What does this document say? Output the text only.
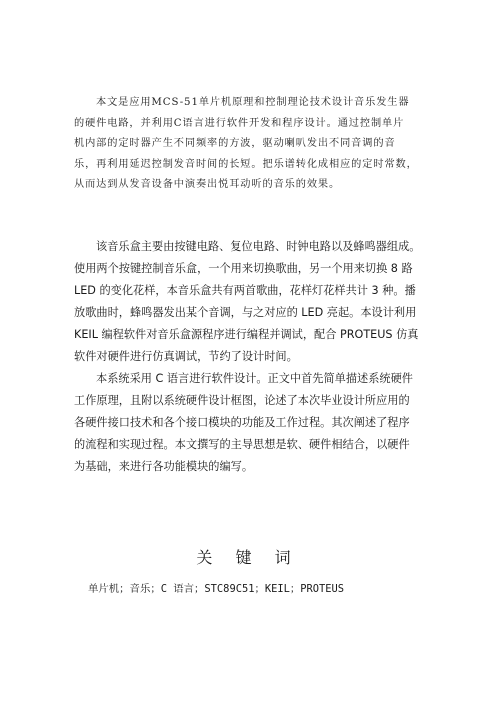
本文是应用MCS-51单片机原理和控制理论技术设计音乐发生器
的硬件电路，并利用C语言进行软件开发和程序设计。通过控制单片
机内部的定时器产生不同频率的方波，驱动喇叭发出不同音调的音
乐，再利用延迟控制发音时间的长短。把乐谱转化成相应的定时常数，
从而达到从发音设备中演奏出悦耳动听的音乐的效果。
该音乐盒主要由按键电路、复位电路、时钟电路以及蜂鸣器组成。
使用两个按键控制音乐盒，一个用来切换歌曲，另一个用来切换 8 路
LED 的变化花样，本音乐盒共有两首歌曲，花样灯花样共计 3 种。播
放歌曲时，蜂鸣器发出某个音调，与之对应的 LED 亮起。本设计利用
KEIL 编程软件对音乐盒源程序进行编程并调试，配合 PROTEUS 仿真
软件对硬件进行仿真调试，节约了设计时间。
本系统采用 C 语言进行软件设计。正文中首先简单描述系统硬件
工作原理，且附以系统硬件设计框图，论述了本次毕业设计所应用的
各硬件接口技术和各个接口模块的功能及工作过程。其次阐述了程序
的流程和实现过程。本文撰写的主导思想是软、硬件相结合，以硬件
为基础，来进行各功能模块的编写。
关 键 词
单片机；音乐；C 语言；STC89C51；KEIL；PROTEUS
